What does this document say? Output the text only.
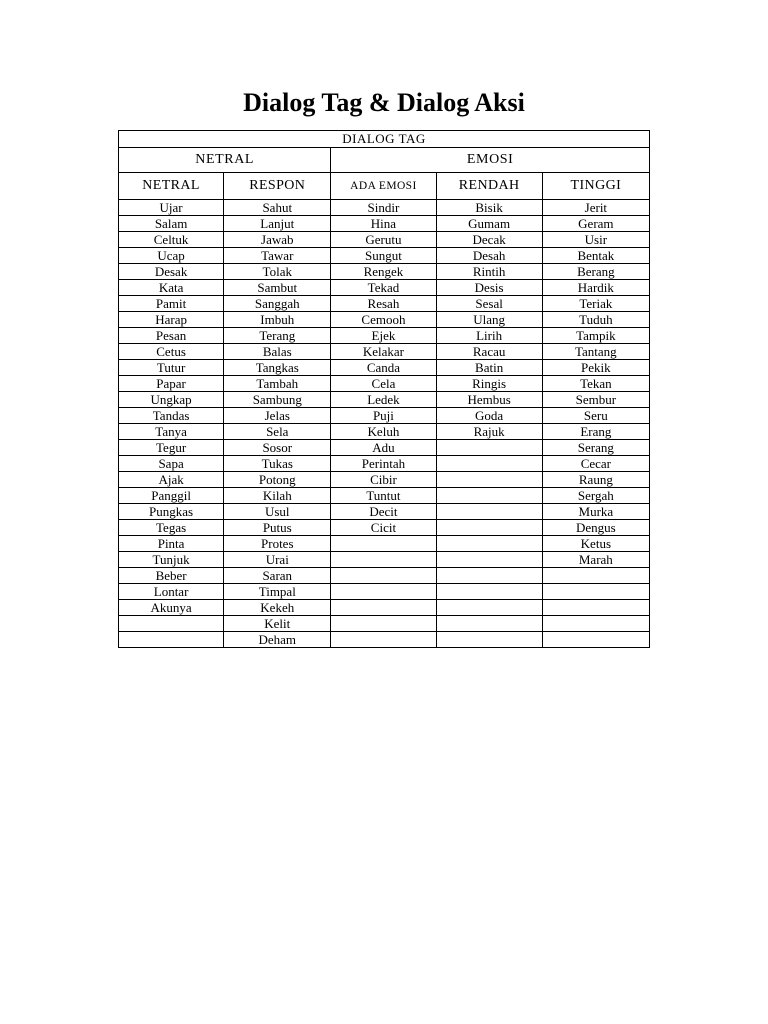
Dialog Tag & Dialog Aksi
DIALOG TAG				
NETRAL		EMOSI		
NETRAL	RESPON	ADA EMOSI	RENDAH	TINGGI
Ujar	Sahut	Sindir	Bisik	Jerit
Salam	Lanjut	Hina	Gumam	Geram
Celtuk	Jawab	Gerutu	Decak	Usir
Ucap	Tawar	Sungut	Desah	Bentak
Desak	Tolak	Rengek	Rintih	Berang
Kata	Sambut	Tekad	Desis	Hardik
Pamit	Sanggah	Resah	Sesal	Teriak
Harap	Imbuh	Cemooh	Ulang	Tuduh
Pesan	Terang	Ejek	Lirih	Tampik
Cetus	Balas	Kelakar	Racau	Tantang
Tutur	Tangkas	Canda	Batin	Pekik
Papar	Tambah	Cela	Ringis	Tekan
Ungkap	Sambung	Ledek	Hembus	Sembur
Tandas	Jelas	Puji	Goda	Seru
Tanya	Sela	Keluh	Rajuk	Erang
Tegur	Sosor	Adu		Serang
Sapa	Tukas	Perintah		Cecar
Ajak	Potong	Cibir		Raung
Panggil	Kilah	Tuntut		Sergah
Pungkas	Usul	Decit		Murka
Tegas	Putus	Cicit		Dengus
Pinta	Protes			Ketus
Tunjuk	Urai			Marah
Beber	Saran			
Lontar	Timpal			
Akunya	Kekeh			
	Kelit			
	Deham			
